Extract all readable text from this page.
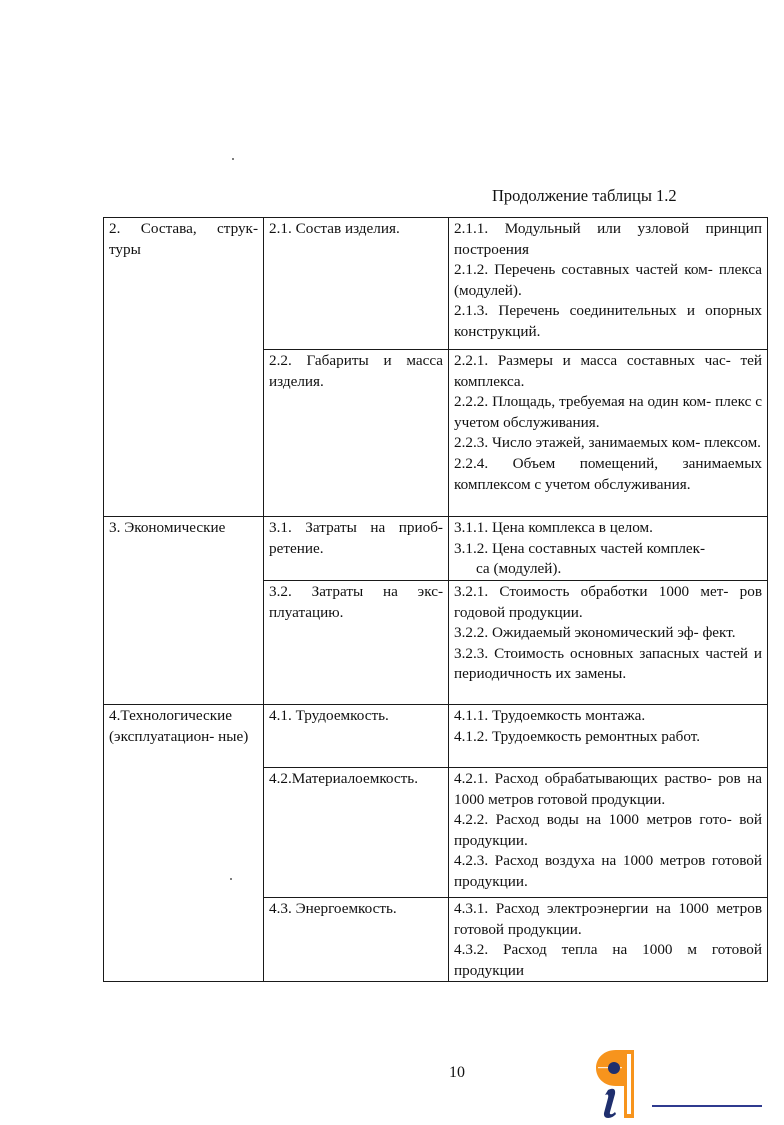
Продолжение таблицы 1.2
2. Состава, струк- туры	2.1. Состав изделия.	2.1.1. Модульный или узловой принцип построения
2.1.2. Перечень составных частей ком- плекса (модулей).
2.1.3. Перечень соединительных и опорных конструкций.

	2.2. Габариты и масса изделия.	2.2.1. Размеры и масса составных час- тей комплекса.
2.2.2. Площадь, требуемая на один ком- плекс с учетом обслуживания.
2.2.3. Число этажей, занимаемых ком- плексом.
2.2.4. Объем помещений, занимаемых комплексом с учетом обслуживания.

3. Экономические	3.1. Затраты на приоб- ретение.	3.1.1. Цена комплекса в целом.
3.1.2. Цена составных частей комплек-
са (модулей).

	3.2. Затраты на экс- плуатацию.	3.2.1. Стоимость обработки 1000 мет- ров годовой продукции.
3.2.2. Ожидаемый экономический эф- фект.
3.2.3. Стоимость основных запасных частей и периодичность их замены.

4.Технологические (эксплуатацион- ные)	4.1. Трудоемкость.	4.1.1. Трудоемкость монтажа.
4.1.2. Трудоемкость ремонтных работ.

	4.2.Материалоемкость.	4.2.1. Расход обрабатывающих раство- ров на 1000 метров готовой продукции.
4.2.2. Расход воды на 1000 метров гото- вой продукции.
4.2.3. Расход воздуха на 1000 метров готовой продукции.

	4.3. Энергоемкость.	4.3.1. Расход электроэнергии на 1000 метров готовой продукции.
4.3.2. Расход тепла на 1000 м готовой продукции
10
